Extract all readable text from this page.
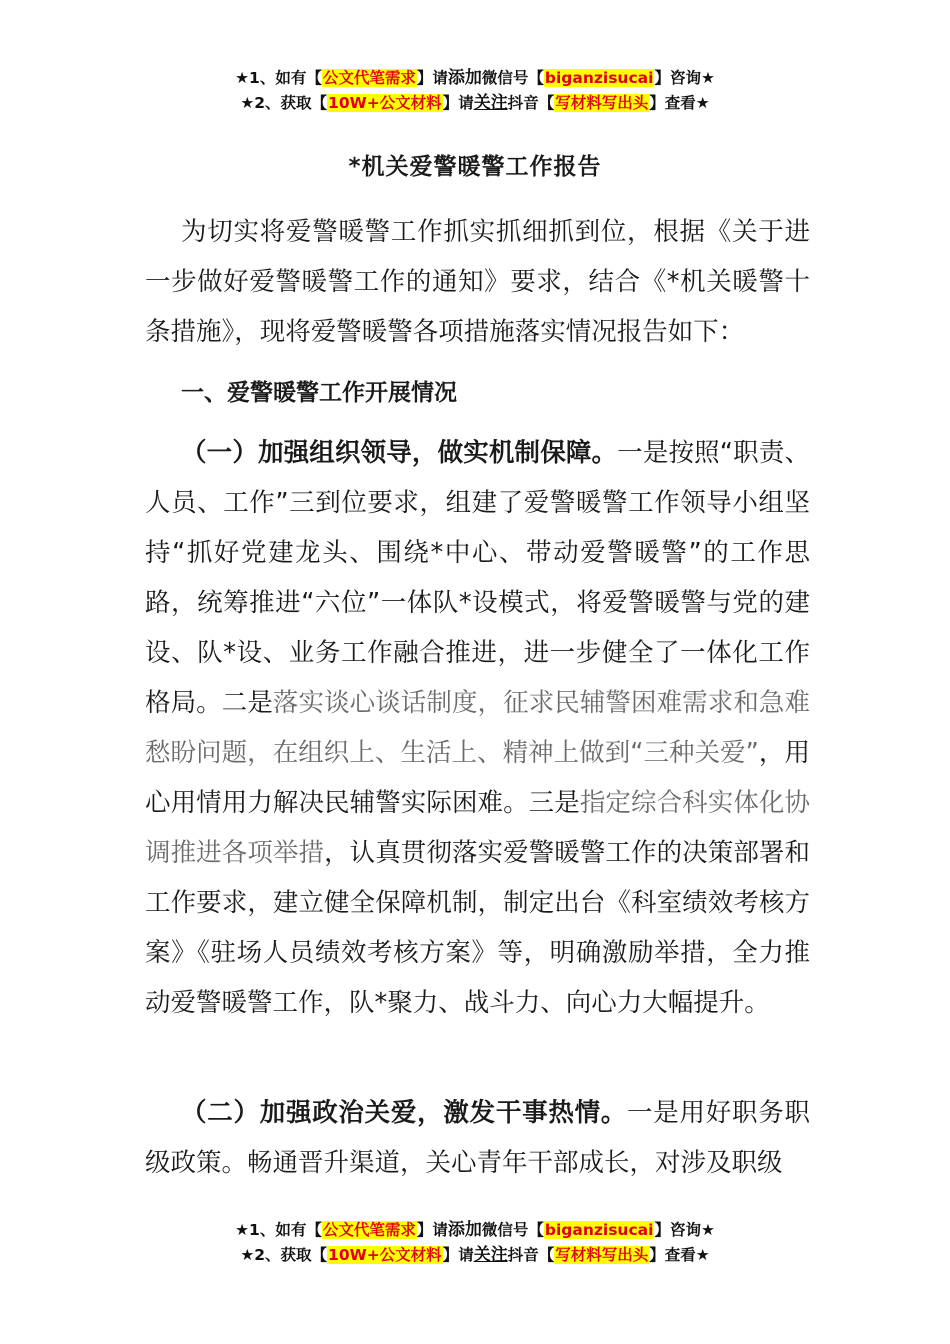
★1、如有【公文代笔需求】请添加微信号【biganzisucai】咨询★
★2、获取【10W+公文材料】请关注抖音【写材料写出头】查看★
*机关爱警暖警工作报告

为切实将爱警暖警工作抓实抓细抓到位，根据《关于进一步做好爱警暖警工作的通知》要求，结合《*机关暖警十条措施》，现将爱警暖警各项措施落实情况报告如下：

一、爱警暖警工作开展情况

（一）加强组织领导，做实机制保障。一是按照“职责、人员、工作”三到位要求，组建了爱警暖警工作领导小组坚持“抓好党建龙头、围绕*中心、带动爱警暖警”的工作思路，统筹推进“六位”一体队*设模式，将爱警暖警与党的建设、队*设、业务工作融合推进，进一步健全了一体化工作格局。二是落实谈心谈话制度，征求民辅警困难需求和急难愁盼问题，在组织上、生活上、精神上做到“三种关爱”，用心用情用力解决民辅警实际困难。三是指定综合科实体化协调推进各项举措，认真贯彻落实爱警暖警工作的决策部署和工作要求，建立健全保障机制，制定出台《科室绩效考核方案》《驻场人员绩效考核方案》等，明确激励举措，全力推动爱警暖警工作，队*聚力、战斗力、向心力大幅提升。

（二）加强政治关爱，激发干事热情。一是用好职务职级政策。畅通晋升渠道，关心青年干部成长，对涉及职级

★1、如有【公文代笔需求】请添加微信号【biganzisucai】咨询★
★2、获取【10W+公文材料】请关注抖音【写材料写出头】查看★
